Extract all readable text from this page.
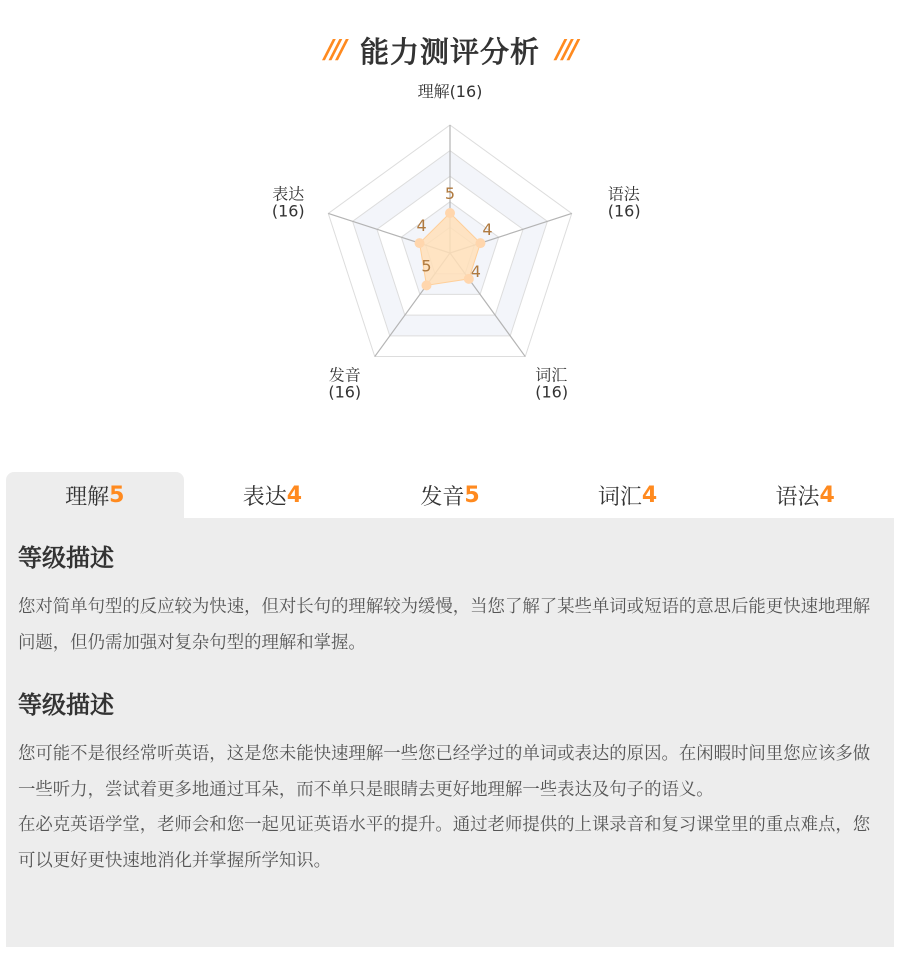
/// 能力测评分析 ///
5
4
4
5
4
理解(16)
语法
(16)
词汇
(16)
发音
(16)
表达
(16)
理解 5	表达 4	发音 5	词汇 4	语法 4
等级描述

您对简单句型的反应较为快速，但对长句的理解较为缓慢，当您了解了某些单词或短语的意思后能更快速地理解问题，但仍需加强对复杂句型的理解和掌握。

等级描述

您可能不是很经常听英语，这是您未能快速理解一些您已经学过的单词或表达的原因。在闲暇时间里您应该多做一些听力，尝试着更多地通过耳朵，而不单只是眼睛去更好地理解一些表达及句子的语义。

在必克英语学堂，老师会和您一起见证英语水平的提升。通过老师提供的上课录音和复习课堂里的重点难点，您可以更好更快速地消化并掌握所学知识。
